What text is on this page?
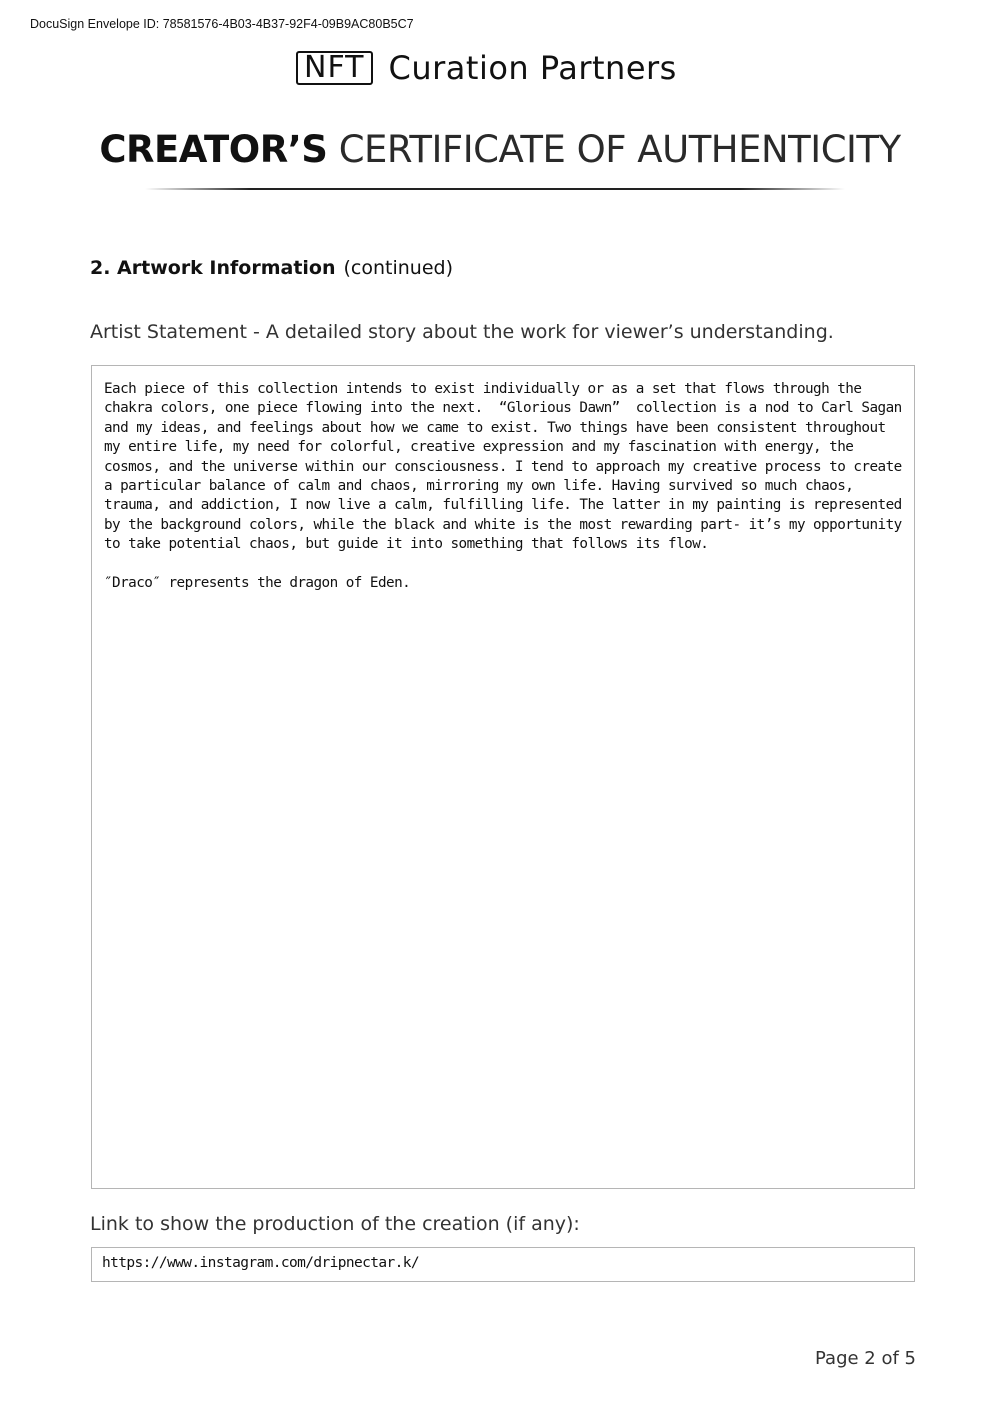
DocuSign Envelope ID: 78581576-4B03-4B37-92F4-09B9AC80B5C7
NFT Curation Partners
CREATOR’S CERTIFICATE OF AUTHENTICITY
2. Artwork Information (continued)
Artist Statement - A detailed story about the work for viewer’s understanding.

Each piece of this collection intends to exist individually or as a set that flows through the chakra colors, one piece flowing into the next.  “Glorious Dawn”  collection is a nod to Carl Sagan and my ideas, and feelings about how we came to exist. Two things have been consistent throughout my entire life, my need for colorful, creative expression and my fascination with energy, the cosmos, and the universe within our consciousness. I tend to approach my creative process to create a particular balance of calm and chaos, mirroring my own life. Having survived so much chaos, trauma, and addiction, I now live a calm, fulfilling life. The latter in my painting is represented by the background colors, while the black and white is the most rewarding part- it’s my opportunity to take potential chaos, but guide it into something that follows its flow.

″Draco″ represents the dragon of Eden.

Link to show the production of the creation (if any):
https://www.instagram.com/dripnectar.k/
Page 2 of 5
